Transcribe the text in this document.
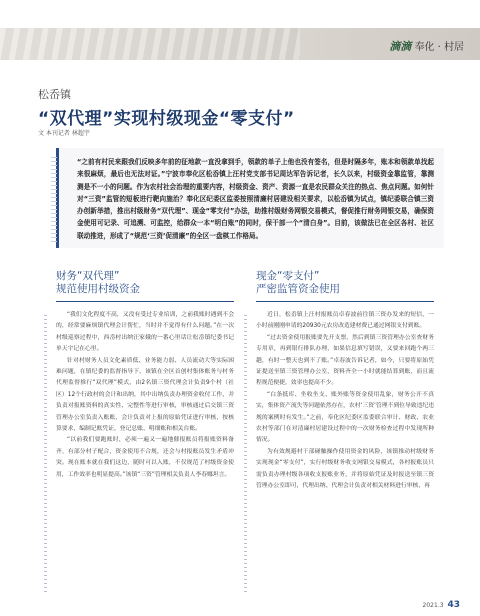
滴滴 奉化 · 村居
松岙镇
“双代理”实现村级现金“零支付”
文 本刊记者 林超宇
“之前有村民来跟我们反映多年前的征地款一直没拿到手，领款的单子上他也没有签名，但是时隔多年，账本和领款单找起来很麻烦，最后也无法对证。”宁波市奉化区松岙镇上汪村党支部书记周达军告诉记者，长久以来，村级资金靠监管，靠测测是不一小的问题。作为农村社会治理的重要内容，村级资金、资产、资源一直是农民群众关注的热点、焦点问题。如何针对“三资”监管的短板进行靶向施治？奉化区纪委区监委按照清廉村居建设相关要求，以松岙镇为试点，镇纪委联合镇三资办创新举措，推出村级财务“双代理”、现金“零支付”办法，助推村级财务网银交易模式，督促推行财务网银交易，确保资金使用可记录、可追溯、可监控，给群众一本“明白账”的同时，保干部一个“清白身”。目前，该做法已在全区各村、社区联动推进，形成了“规范‘三资’促清廉”的全区一盘棋工作格局。
财务“双代理”
规范使用村级资金

“我们文化程度不高，又没有受过专业培训，之前我账时遇到不会的，经常要麻烦镇代理会计帮忙，当时并不觉得有什么问题。”在一次村级巡察过程中，西岙村出纳汪家娥的一番心里话让松岙镇纪委书记单天宇记在心里。

针对村财务人员文化素质低、业务能力弱、人员流动大等实际困难问题，在镇纪委的监督指导下，该镇在全区首创村集体账务与村务代理监督推行“双代理”模式，由2名镇三资代理会计负责9个村（社区）12个行政村的会计和出纳，其中出纳负责办理资金收付工作，并负责对报账资料的真实性、完整性等进行审核，审核通过后交镇三资管理办公室负责入账账，会计负责对上报的原始凭证进行审核，按核算要求，编制记账凭证，登记总账、明细账和相关台账。

“以前我们要跑账时，必须一遍又一遍地催报账员将报账资料备齐，有部分村子配合，资金使用不合规，还会与村报账员发生矛盾冲突。现在账本就在我们这边，随时可以入账，不仅规范了村级资金使用，工作效率也明显提高。”该镇“三资”管理相关负责人李春娜坦言。

现金“零支付”
严密监管资金使用

近日，松岙镇上汪村报账员卓春波前往镇三资办发来的短信，一小时前刚刚申请的20930元农房改造建材费已通过网银支付到账。

“过去资金使用报账要先开支票，然后到镇三资管理办公室查财务专用章，再到银行排队办理，如果信息填写错误，又要来回跑个两三趟，有时一整天也到不了账。”卓春波告诉记者，如今，只要将原始凭证提送至镇三资管理办公室，资料齐全一小时就能结算到账，而且流程规范便捷，效率也提高不少。

“白条抵库、坐收坐支、账外账等资金使用乱象，财务公开不真实，集体资产流失等问题依然存在，农村‘三资’管理不到位导致违纪违规的案例时有发生。”之前，奉化区纪委区监委联合审计、财政、农业农村等部门在对清廉村居建设过程中的一次财务检查过程中发现所种情况。

为有效规避村干部碰触操作使用资金的风险，该镇推动村级财务实现现金“零支付”，实行村级财务收支网银交易模式，各村报账员只需负责办理村级各项收支报账业务，并将原始凭证及时报送至镇三资管理办公室即可，代理出纳、代理会计负责对相关材料进行审核，再

2021.3 43
